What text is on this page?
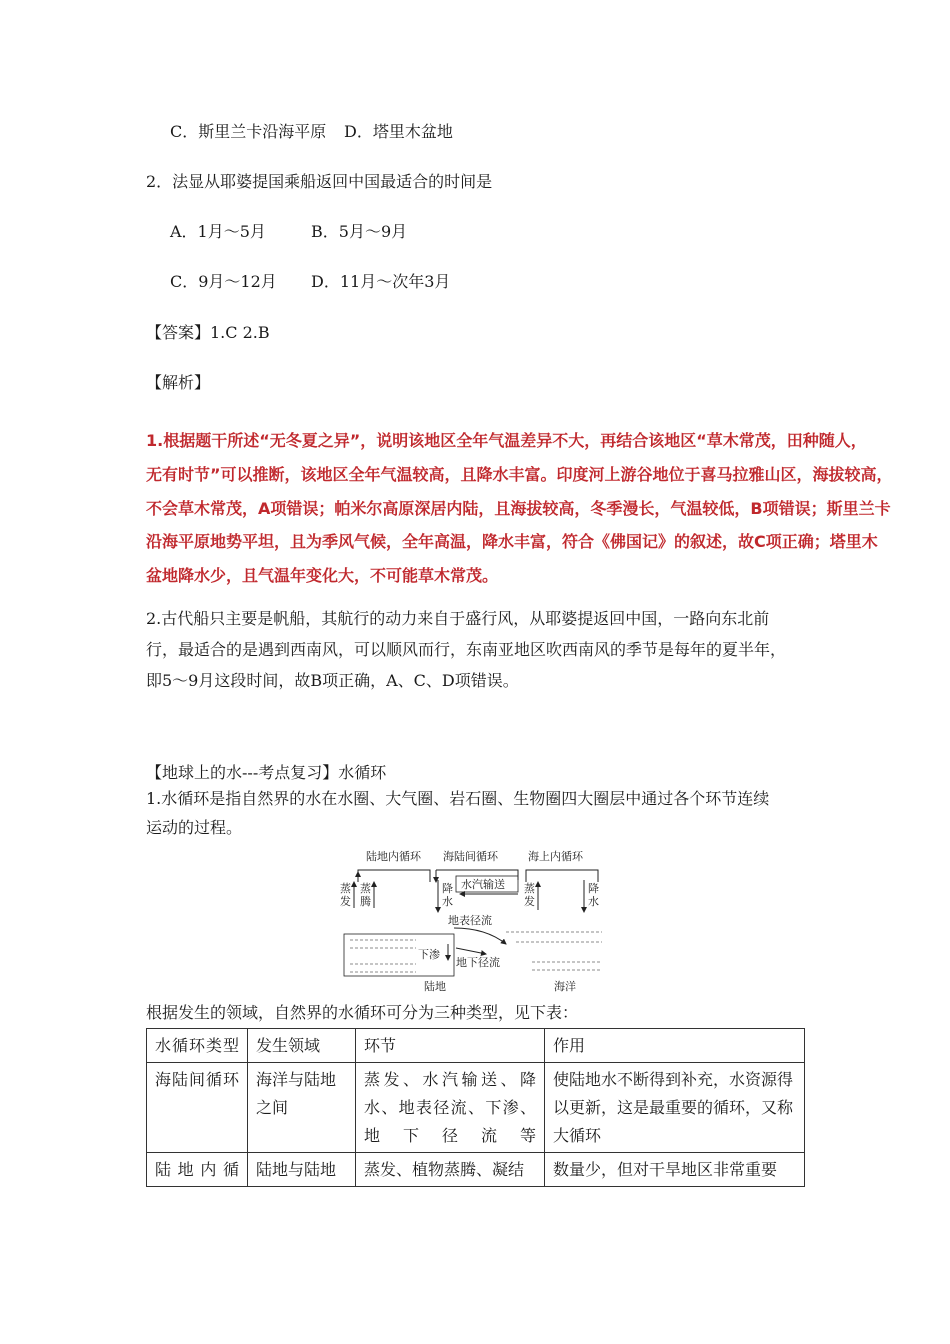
C．斯里兰卡沿海平原 D．塔里木盆地
2．法显从耶婆提国乘船返回中国最适合的时间是
A．1月～5月	B．5月～9月
C．9月～12月 D．11月～次年3月
【答案】1.C 2.B
【解析】
1.根据题干所述“无冬夏之异”，说明该地区全年气温差异不大，再结合该地区“草木常茂，田种随人，
无有时节”可以推断，该地区全年气温较高，且降水丰富。印度河上游谷地位于喜马拉雅山区，海拔较高，
不会草木常茂，A项错误；帕米尔高原深居内陆，且海拔较高，冬季漫长，气温较低，B项错误；斯里兰卡
沿海平原地势平坦，且为季风气候，全年高温，降水丰富，符合《佛国记》的叙述，故C项正确；塔里木
盆地降水少，且气温年变化大，不可能草木常茂。
2.古代船只主要是帆船，其航行的动力来自于盛行风，从耶婆提返回中国，一路向东北前
行，最适合的是遇到西南风，可以顺风而行，东南亚地区吹西南风的季节是每年的夏半年，
即5～9月这段时间，故B项正确，A、C、D项错误。
【地球上的水---考点复习】水循环
1.水循环是指自然界的水在水圈、大气圈、岩石圈、生物圈四大圈层中通过各个环节连续
运动的过程。
陆地内循环 海陆间循环	海上内循环
蒸
发
蒸
腾
降
水
水汽输送 蒸
发
降
水
地表径流
下渗
地下径流
陆地	海洋
根据发生的领域，自然界的水循环可分为三种类型，见下表：
水循环类型	发生领域	环节	作用
海陆间循环	海洋与陆地之间	蒸发、水汽输送、降水、地表径流、下渗、地下径流等	使陆地水不断得到补充，水资源得以更新，这是最重要的循环，又称大循环
陆地内循	陆地与陆地	蒸发、植物蒸腾、凝结	数量少，但对干旱地区非常重要
